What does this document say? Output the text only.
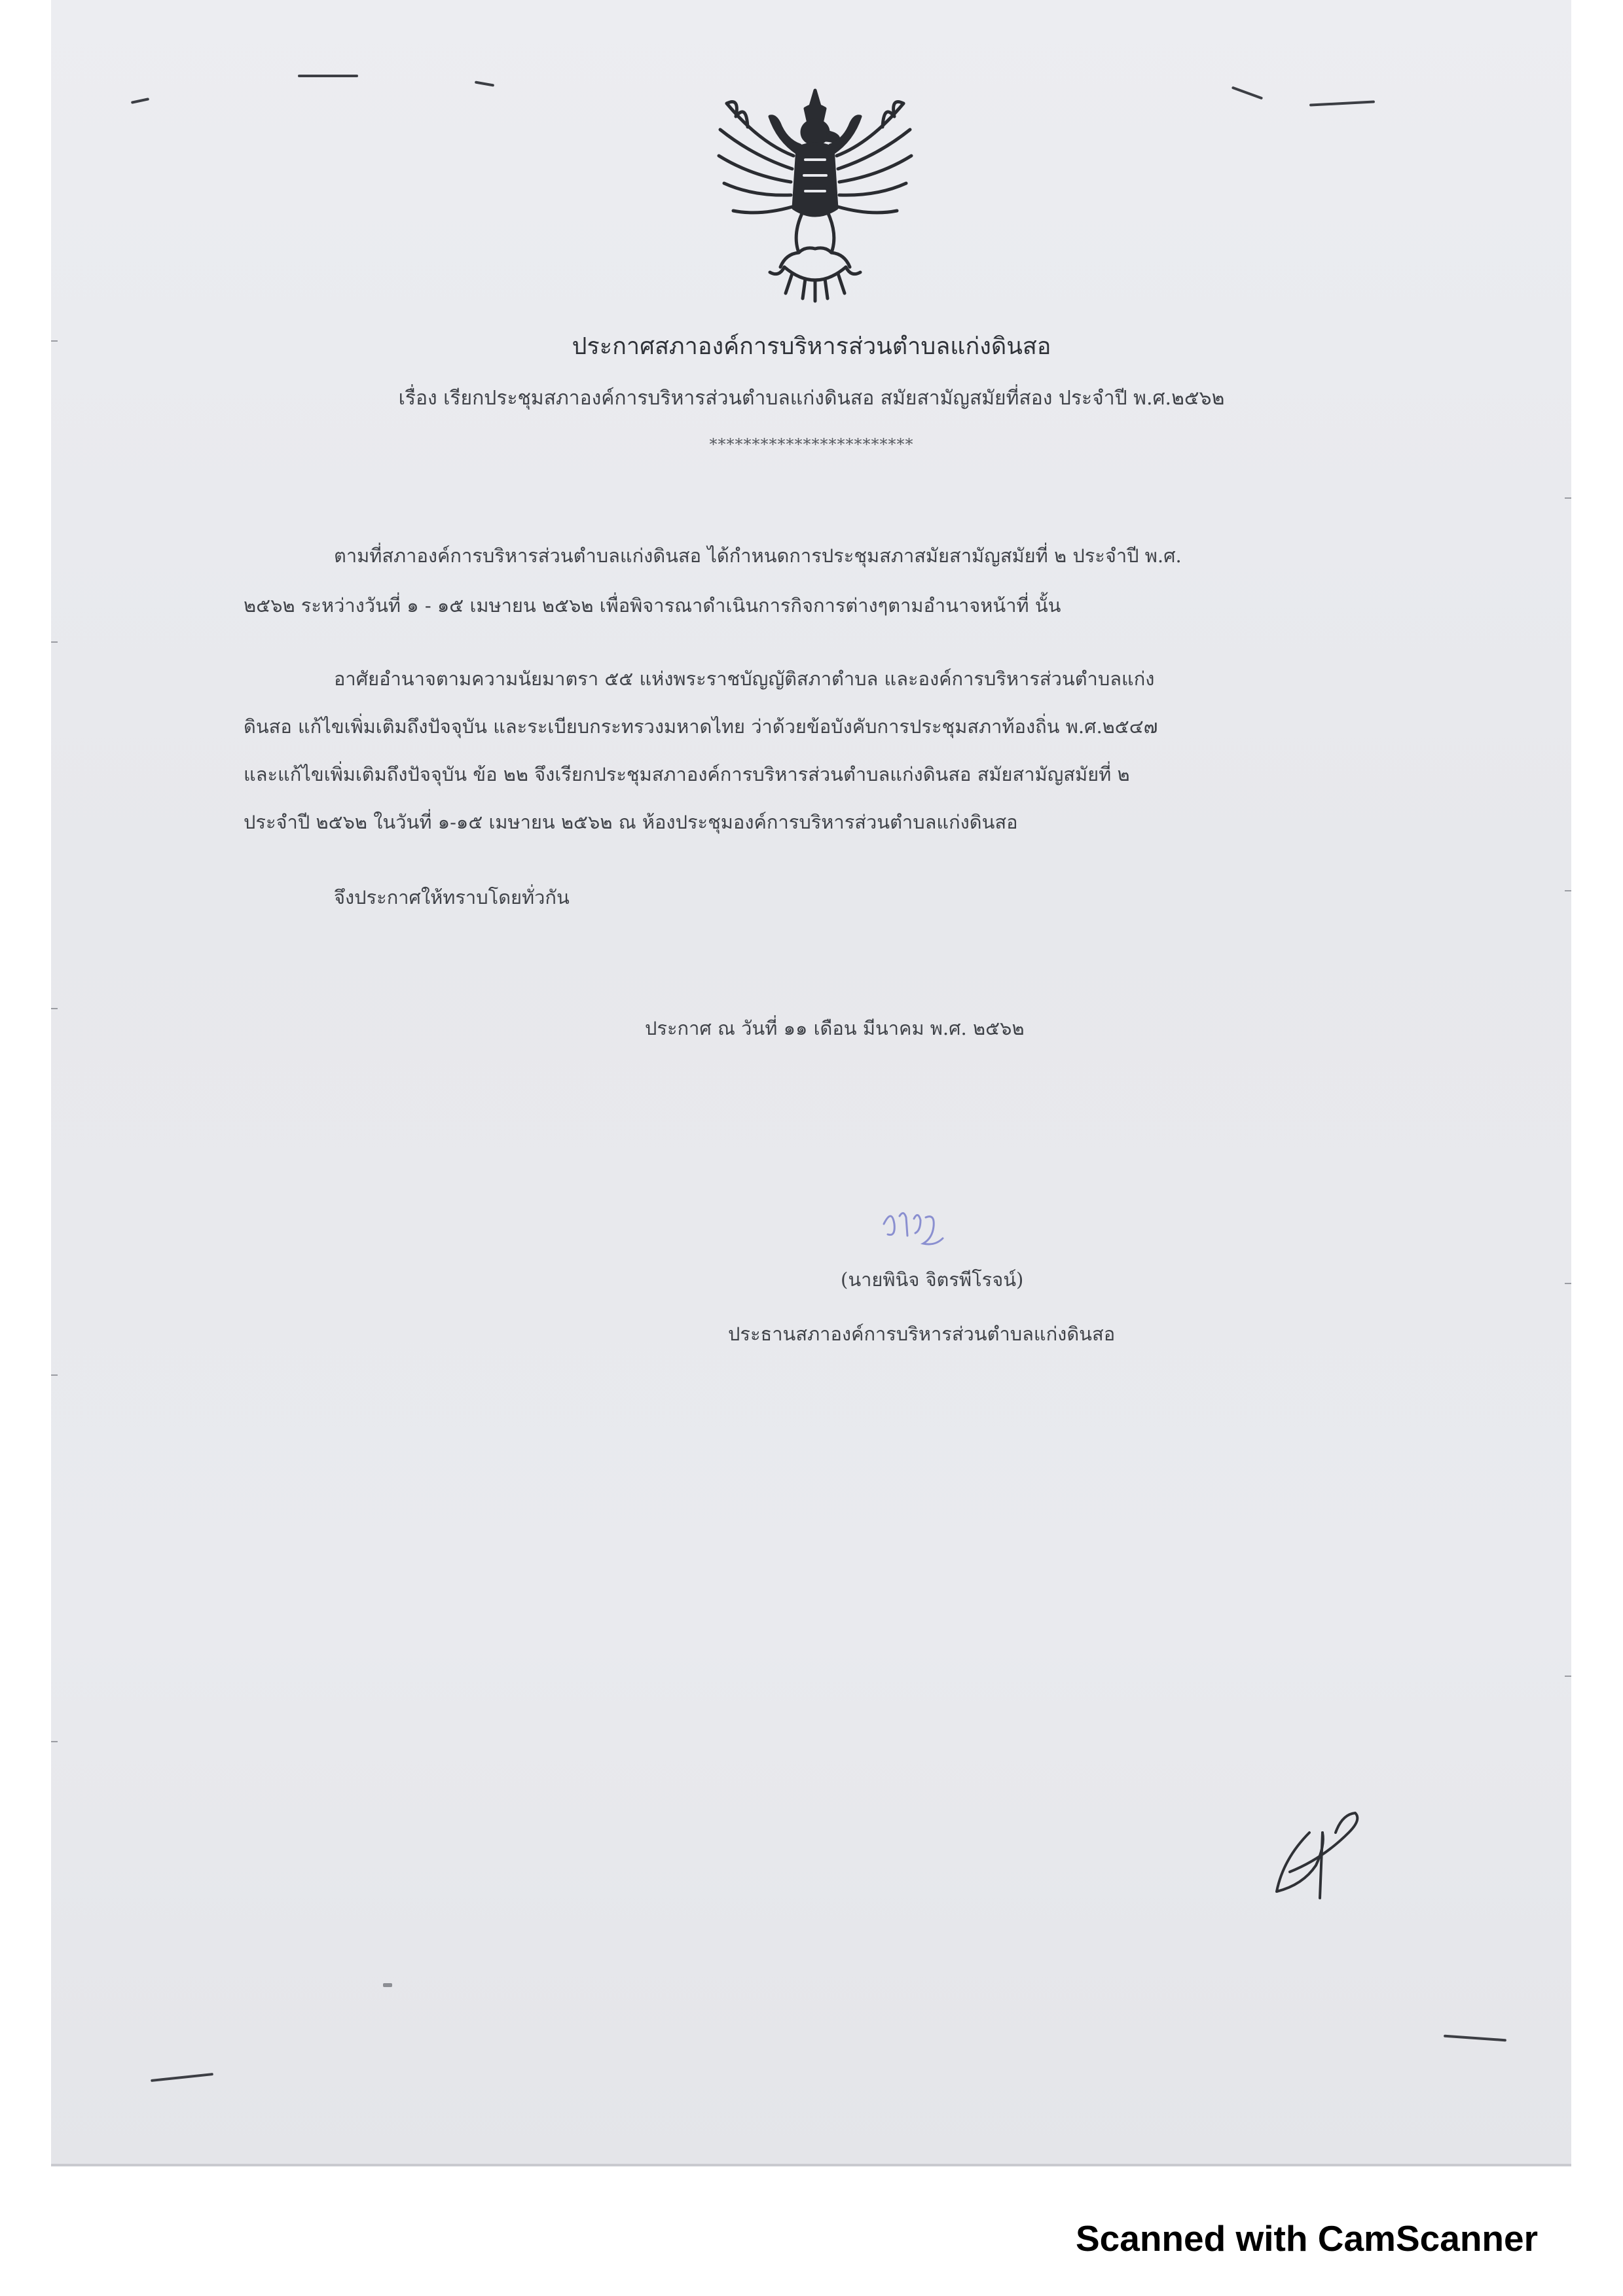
ประกาศสภาองค์การบริหารส่วนตำบลแก่งดินสอ
เรื่อง เรียกประชุมสภาองค์การบริหารส่วนตำบลแก่งดินสอ สมัยสามัญสมัยที่สอง ประจำปี พ.ศ.๒๕๖๒
************************
ตามที่สภาองค์การบริหารส่วนตำบลแก่งดินสอ ได้กำหนดการประชุมสภาสมัยสามัญสมัยที่ ๒ ประจำปี พ.ศ.
๒๕๖๒ ระหว่างวันที่ ๑ - ๑๕ เมษายน ๒๕๖๒ เพื่อพิจารณาดำเนินการกิจการต่างๆตามอำนาจหน้าที่ นั้น
อาศัยอำนาจตามความนัยมาตรา ๕๕ แห่งพระราชบัญญัติสภาตำบล และองค์การบริหารส่วนตำบลแก่ง
ดินสอ แก้ไขเพิ่มเติมถึงปัจจุบัน และระเบียบกระทรวงมหาดไทย ว่าด้วยข้อบังคับการประชุมสภาท้องถิ่น พ.ศ.๒๕๔๗
และแก้ไขเพิ่มเติมถึงปัจจุบัน ข้อ ๒๒ จึงเรียกประชุมสภาองค์การบริหารส่วนตำบลแก่งดินสอ สมัยสามัญสมัยที่ ๒
ประจำปี ๒๕๖๒ ในวันที่ ๑-๑๕ เมษายน ๒๕๖๒ ณ ห้องประชุมองค์การบริหารส่วนตำบลแก่งดินสอ
จึงประกาศให้ทราบโดยทั่วกัน
ประกาศ ณ วันที่ ๑๑ เดือน มีนาคม พ.ศ. ๒๕๖๒
(นายพินิจ จิตรพีโรจน์)
ประธานสภาองค์การบริหารส่วนตำบลแก่งดินสอ
Scanned with CamScanner
